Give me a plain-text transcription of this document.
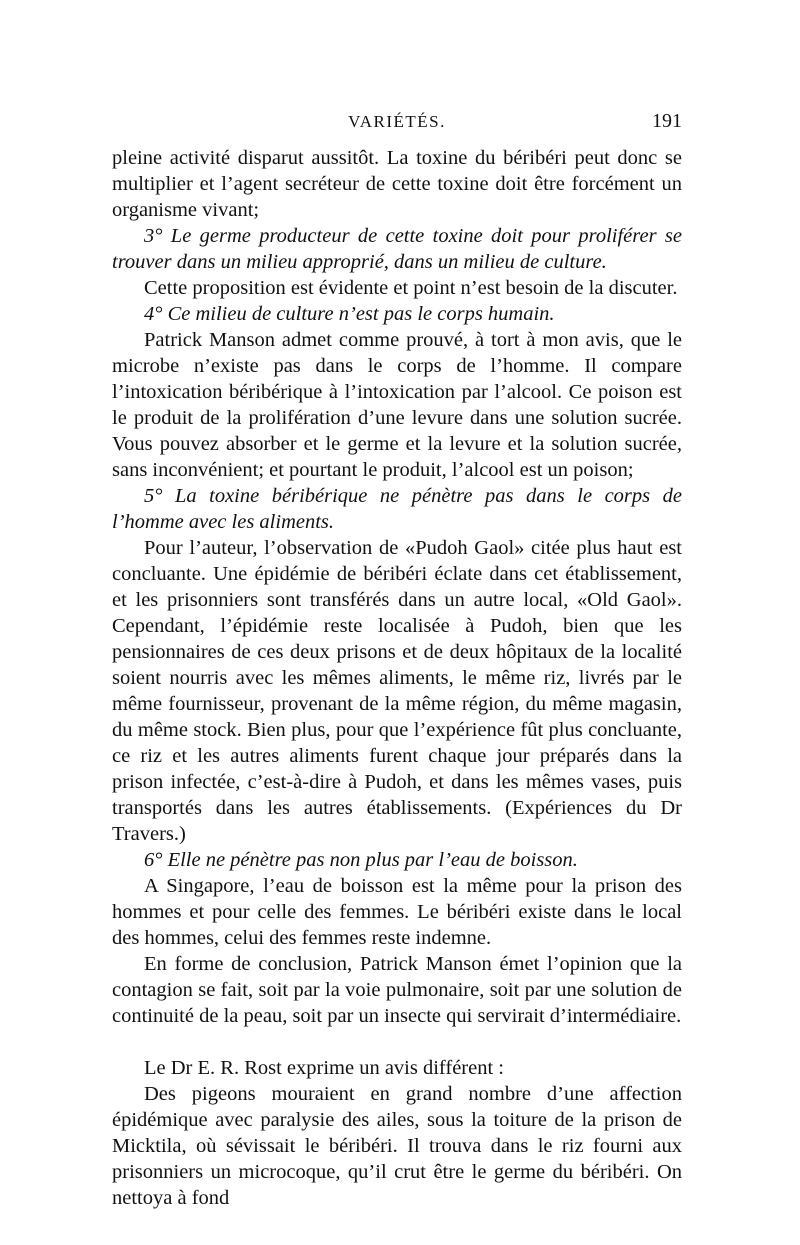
VARIÉTÉS.	191

pleine activité disparut aussitôt. La toxine du béribéri peut donc se multiplier et l’agent secréteur de cette toxine doit être forcément un organisme vivant;

3° Le germe producteur de cette toxine doit pour proliférer se trouver dans un milieu approprié, dans un milieu de culture.

Cette proposition est évidente et point n’est besoin de la discuter.

4° Ce milieu de culture n’est pas le corps humain.

Patrick Manson admet comme prouvé, à tort à mon avis, que le microbe n’existe pas dans le corps de l’homme. Il compare l’intoxication béribérique à l’intoxication par l’alcool. Ce poison est le produit de la prolifération d’une levure dans une solution sucrée. Vous pouvez absorber et le germe et la levure et la solution sucrée, sans inconvénient; et pourtant le produit, l’alcool est un poison;

5° La toxine béribérique ne pénètre pas dans le corps de l’homme avec les aliments.

Pour l’auteur, l’observation de «Pudoh Gaol» citée plus haut est concluante. Une épidémie de béribéri éclate dans cet établissement, et les prisonniers sont transférés dans un autre local, «Old Gaol». Cependant, l’épidémie reste localisée à Pudoh, bien que les pensionnaires de ces deux prisons et de deux hôpitaux de la localité soient nourris avec les mêmes aliments, le même riz, livrés par le même fournisseur, provenant de la même région, du même magasin, du même stock. Bien plus, pour que l’expérience fût plus concluante, ce riz et les autres aliments furent chaque jour préparés dans la prison infectée, c’est-à-dire à Pudoh, et dans les mêmes vases, puis transportés dans les autres établissements. (Expériences du Dr Travers.)

6° Elle ne pénètre pas non plus par l’eau de boisson.

A Singapore, l’eau de boisson est la même pour la prison des hommes et pour celle des femmes. Le béribéri existe dans le local des hommes, celui des femmes reste indemne.

En forme de conclusion, Patrick Manson émet l’opinion que la contagion se fait, soit par la voie pulmonaire, soit par une solution de continuité de la peau, soit par un insecte qui servirait d’intermédiaire.

Le Dr E. R. Rost exprime un avis différent :

Des pigeons mouraient en grand nombre d’une affection épidémique avec paralysie des ailes, sous la toiture de la prison de Micktila, où sévissait le béribéri. Il trouva dans le riz fourni aux prisonniers un microcoque, qu’il crut être le germe du béribéri. On nettoya à fond
